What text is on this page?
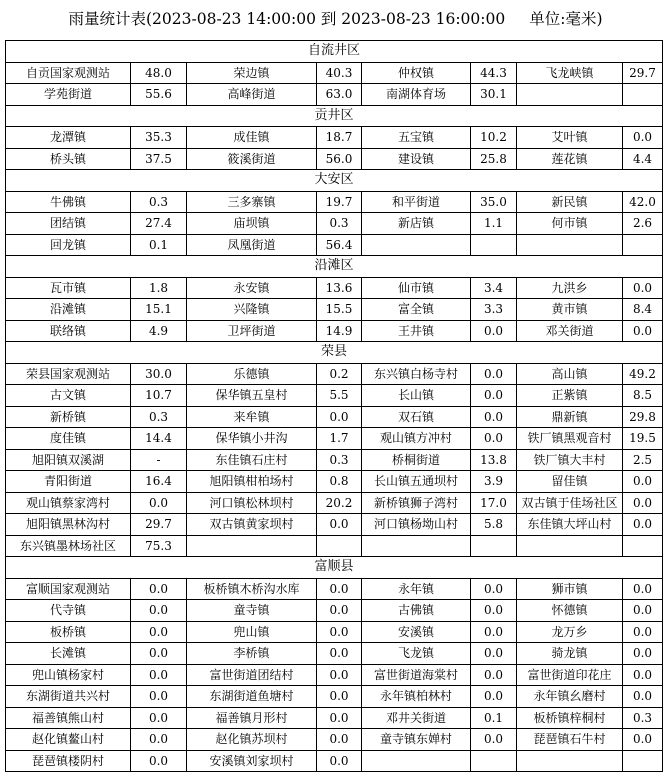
雨量统计表(2023-08-23 14:00:00 到 2023-08-23 16:00:00 单位:毫米)
自流井区							
自贡国家观测站	48.0	荣边镇	40.3	仲权镇	44.3	飞龙峡镇	29.7
学苑街道	55.6	高峰街道	63.0	南湖体育场	30.1		
贡井区							
龙潭镇	35.3	成佳镇	18.7	五宝镇	10.2	艾叶镇	0.0
桥头镇	37.5	筱溪街道	56.0	建设镇	25.8	莲花镇	4.4
大安区							
牛佛镇	0.3	三多寨镇	19.7	和平街道	35.0	新民镇	42.0
团结镇	27.4	庙坝镇	0.3	新店镇	1.1	何市镇	2.6
回龙镇	0.1	凤凰街道	56.4				
沿滩区							
瓦市镇	1.8	永安镇	13.6	仙市镇	3.4	九洪乡	0.0
沿滩镇	15.1	兴隆镇	15.5	富全镇	3.3	黄市镇	8.4
联络镇	4.9	卫坪街道	14.9	王井镇	0.0	邓关街道	0.0
荣县							
荣县国家观测站	30.0	乐德镇	0.2	东兴镇白杨寺村	0.0	高山镇	49.2
古文镇	10.7	保华镇五皇村	5.5	长山镇	0.0	正紫镇	8.5
新桥镇	0.3	来牟镇	0.0	双石镇	0.0	鼎新镇	29.8
度佳镇	14.4	保华镇小井沟	1.7	观山镇方冲村	0.0	铁厂镇黑观音村	19.5
旭阳镇双溪湖	-	东佳镇石庄村	0.3	桥桐街道	13.8	铁厂镇大丰村	2.5
青阳街道	16.4	旭阳镇柑柏场村	0.8	长山镇五通坝村	3.9	留佳镇	0.0
观山镇蔡家湾村	0.0	河口镇松林坝村	20.2	新桥镇狮子湾村	17.0	双古镇于佳场社区	0.0
旭阳镇黑林沟村	29.7	双古镇黄家坝村	0.0	河口镇杨坳山村	5.8	东佳镇大坪山村	0.0
东兴镇墨林场社区	75.3						
富顺县							
富顺国家观测站	0.0	板桥镇木桥沟水库	0.0	永年镇	0.0	狮市镇	0.0
代寺镇	0.0	童寺镇	0.0	古佛镇	0.0	怀德镇	0.0
板桥镇	0.0	兜山镇	0.0	安溪镇	0.0	龙万乡	0.0
长滩镇	0.0	李桥镇	0.0	飞龙镇	0.0	骑龙镇	0.0
兜山镇杨家村	0.0	富世街道团结村	0.0	富世街道海棠村	0.0	富世街道印花庄	0.0
东湖街道共兴村	0.0	东湖街道鱼塘村	0.0	永年镇柏林村	0.0	永年镇幺磨村	0.0
福善镇熊山村	0.0	福善镇月形村	0.0	邓井关街道	0.1	板桥镇梓桐村	0.3
赵化镇鳌山村	0.0	赵化镇苏坝村	0.0	童寺镇东婵村	0.0	琵琶镇石牛村	0.0
琵琶镇楼阴村	0.0	安溪镇刘家坝村	0.0				
